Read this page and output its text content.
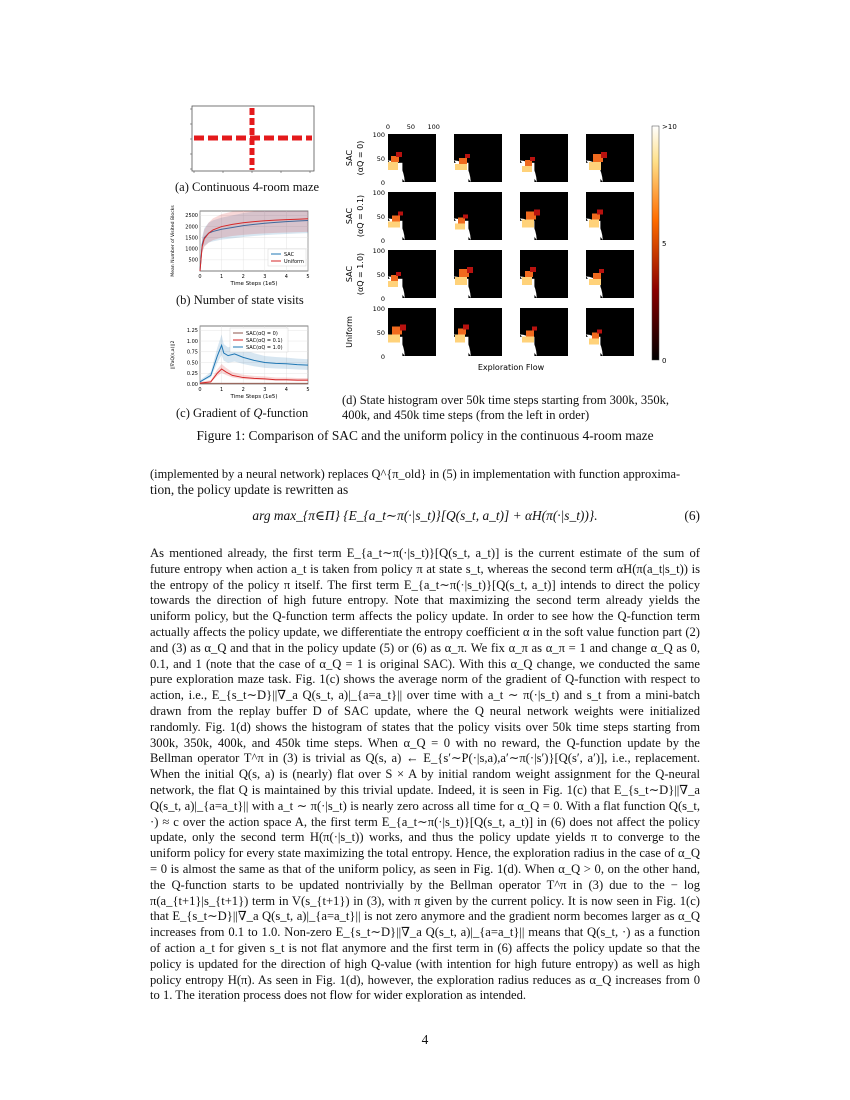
(a) Continuous 4-room maze
0	1	2	3	4	5
500
1000
1500
2000
2500
SAC
Uniform
Time Steps (1e5)
Mean Number of Visited Blocks
(b) Number of state visits
0	1	2	3	4	5
0.00
0.25
0.50
0.75
1.00
1.25	SAC(αQ = 0)
SAC(αQ = 0.1)
SAC(αQ = 1.0)
Time Steps (1e5)
||∇aQ(s,a)||2
(c) Gradient of Q-function
0	50 100
SAC (αQ = 0)
100
50
0
SAC (αQ = 0.1)
100
50
0
SAC (αQ = 1.0)
100
50
0
Uniform
100
50
0
>10
5
0
Exploration Flow
(d) State histogram over 50k time steps starting from 300k, 350k,
400k, and 450k time steps (from the left in order)
Figure 1: Comparison of SAC and the uniform policy in the continuous 4-room maze
(implemented by a neural network) replaces Q^{π_old} in (5) in implementation with function approxima-
tion, the policy update is rewritten as
arg max_{π∈Π} {E_{a_t∼π(·|s_t)}[Q(s_t, a_t)] + αH(π(·|s_t))}.	(6)

As mentioned already, the first term E_{a_t∼π(·|s_t)}[Q(s_t, a_t)] is the current estimate of the sum of future entropy when action a_t is taken from policy π at state s_t, whereas the second term αH(π(a_t|s_t)) is the entropy of the policy π itself. The first term E_{a_t∼π(·|s_t)}[Q(s_t, a_t)] intends to direct the policy towards the direction of high future entropy. Note that maximizing the second term already yields the uniform policy, but the Q-function term affects the policy update. In order to see how the Q-function term actually affects the policy update, we differentiate the entropy coefficient α in the soft value function part (2) and (3) as α_Q and that in the policy update (5) or (6) as α_π. We fix α_π as α_π = 1 and change α_Q as 0, 0.1, and 1 (note that the case of α_Q = 1 is original SAC). With this α_Q change, we conducted the same pure exploration maze task. Fig. 1(c) shows the average norm of the gradient of Q-function with respect to action, i.e., E_{s_t∼D}||∇_a Q(s_t, a)|_{a=a_t}|| over time with a_t ∼ π(·|s_t) and s_t from a mini-batch drawn from the replay buffer D of SAC update, where the Q neural network weights were initialized randomly. Fig. 1(d) shows the histogram of states that the policy visits over 50k time steps starting from 300k, 350k, 400k, and 450k time steps. When α_Q = 0 with no reward, the Q-function update by the Bellman operator T^π in (3) is trivial as Q(s, a) ← E_{s′∼P(·|s,a),a′∼π(·|s′)}[Q(s′, a′)], i.e., replacement. When the initial Q(s, a) is (nearly) flat over S × A by initial random weight assignment for the Q-neural network, the flat Q is maintained by this trivial update. Indeed, it is seen in Fig. 1(c) that E_{s_t∼D}||∇_a Q(s_t, a)|_{a=a_t}|| with a_t ∼ π(·|s_t) is nearly zero across all time for α_Q = 0. With a flat function Q(s_t, ·) ≈ c over the action space A, the first term E_{a_t∼π(·|s_t)}[Q(s_t, a_t)] in (6) does not affect the policy update, only the second term H(π(·|s_t)) works, and thus the policy update yields π to converge to the uniform policy for every state maximizing the total entropy. Hence, the exploration radius in the case of α_Q = 0 is almost the same as that of the uniform policy, as seen in Fig. 1(d). When α_Q > 0, on the other hand, the Q-function starts to be updated nontrivially by the Bellman operator T^π in (3) due to the − log π(a_{t+1}|s_{t+1}) term in V(s_{t+1}) in (3), with π given by the current policy. It is now seen in Fig. 1(c) that E_{s_t∼D}||∇_a Q(s_t, a)|_{a=a_t}|| is not zero anymore and the gradient norm becomes larger as α_Q increases from 0.1 to 1.0. Non-zero E_{s_t∼D}||∇_a Q(s_t, a)|_{a=a_t}|| means that Q(s_t, ·) as a function of action a_t for given s_t is not flat anymore and the first term in (6) affects the policy update so that the policy is updated for the direction of high Q-value (with intention for high future entropy) as well as high policy entropy H(π). As seen in Fig. 1(d), however, the exploration radius reduces as α_Q increases from 0 to 1. The iteration process does not flow for wider exploration as intended.

4
